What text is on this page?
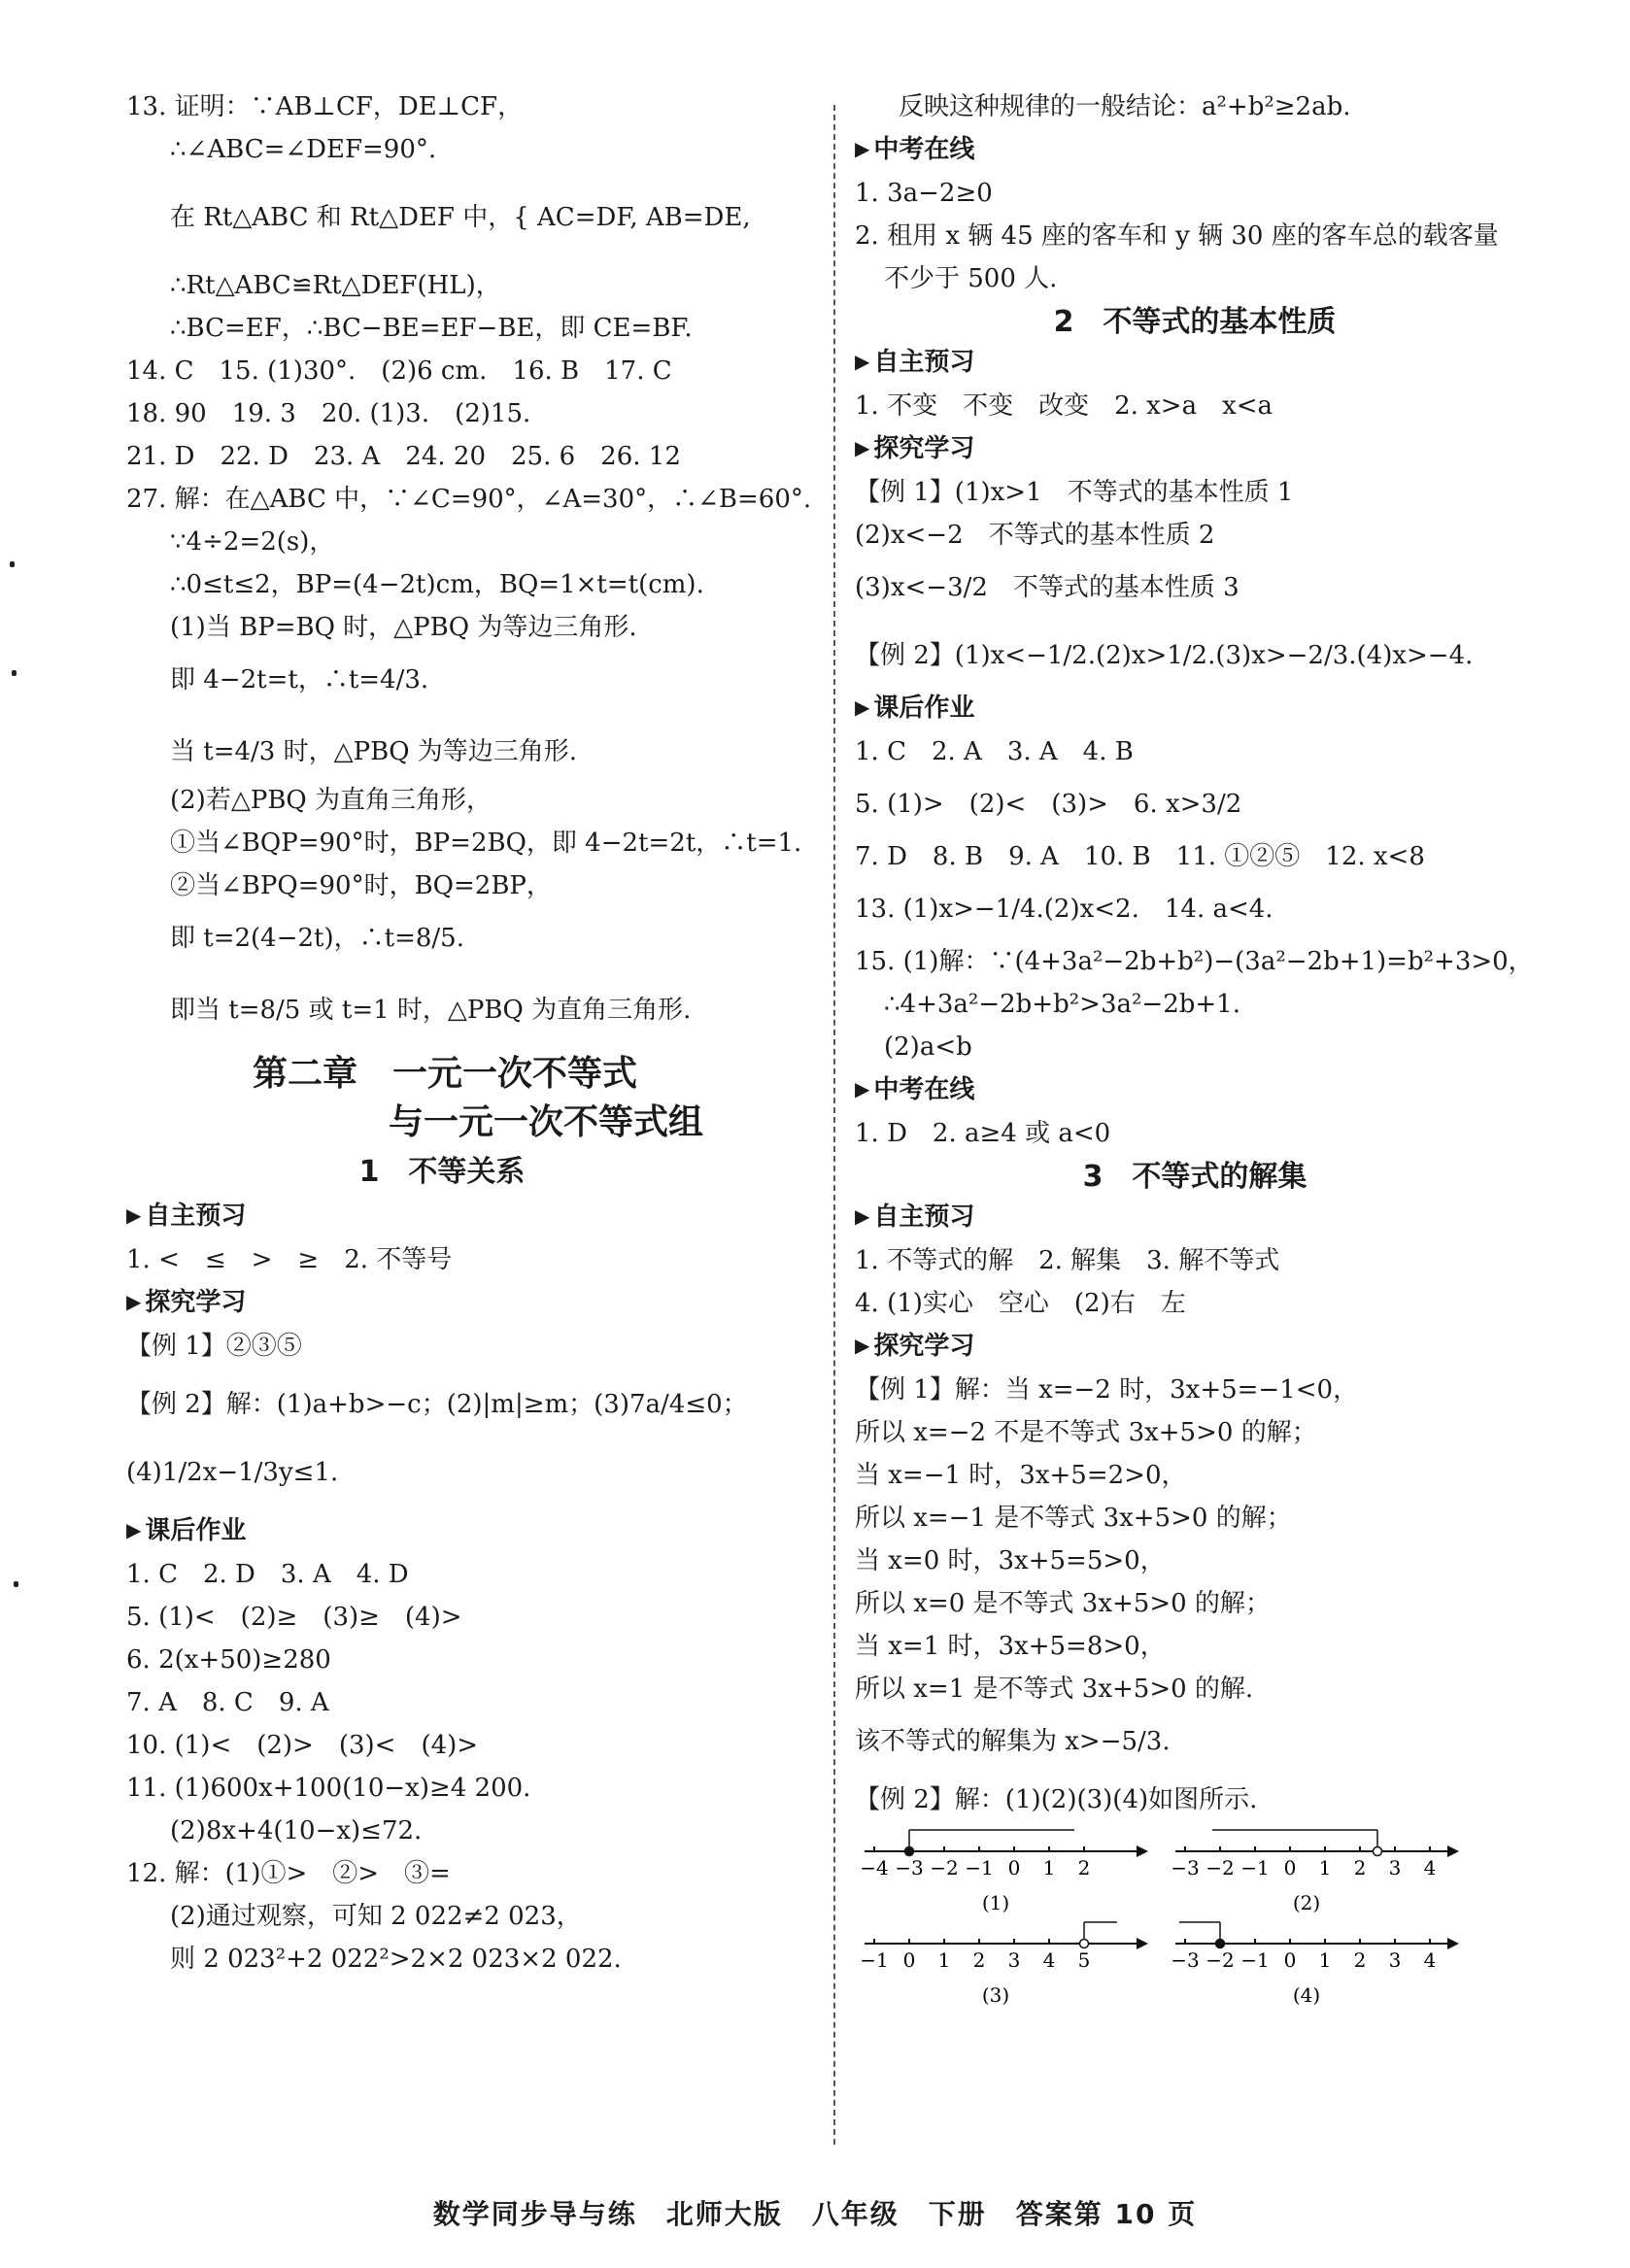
13. 证明：∵AB⊥CF，DE⊥CF，
∴∠ABC=∠DEF=90°.
在 Rt△ABC 和 Rt△DEF 中，{ AC=DF, AB=DE,
∴Rt△ABC≌Rt△DEF(HL)，
∴BC=EF，∴BC−BE=EF−BE，即 CE=BF.
14. C　15. (1)30°.　(2)6 cm.　16. B　17. C
18. 90　19. 3　20. (1)3.　(2)15.
21. D　22. D　23. A　24. 20　25. 6　26. 12
27. 解：在△ABC 中，∵∠C=90°，∠A=30°，∴∠B=60°.
∵4÷2=2(s)，
∴0≤t≤2，BP=(4−2t)cm，BQ=1×t=t(cm).
(1)当 BP=BQ 时，△PBQ 为等边三角形.
即 4−2t=t，∴t=4/3.
当 t=4/3 时，△PBQ 为等边三角形.
(2)若△PBQ 为直角三角形，
①当∠BQP=90°时，BP=2BQ，即 4−2t=2t，∴t=1.
②当∠BPQ=90°时，BQ=2BP，
即 t=2(4−2t)，∴t=8/5.
即当 t=8/5 或 t=1 时，△PBQ 为直角三角形.
第二章　一元一次不等式
与一元一次不等式组
1　不等关系
▶ 自主预习
1. <　≤　>　≥　2. 不等号
▶ 探究学习
【例 1】②③⑤
【例 2】解：(1)a+b>−c；(2)|m|≥m；(3)7a/4≤0；
(4)1/2x−1/3y≤1.
▶ 课后作业
1. C　2. D　3. A　4. D
5. (1)<　(2)≥　(3)≥　(4)>
6. 2(x+50)≥280
7. A　8. C　9. A
10. (1)<　(2)>　(3)<　(4)>
11. (1)600x+100(10−x)≥4 200.
(2)8x+4(10−x)≤72.
12. 解：(1)①>　②>　③=
(2)通过观察，可知 2 022≠2 023，
则 2 023²+2 022²>2×2 023×2 022.
反映这种规律的一般结论：a²+b²≥2ab.
▶ 中考在线
1. 3a−2≥0
2. 租用 x 辆 45 座的客车和 y 辆 30 座的客车总的载客量
不少于 500 人.
2　不等式的基本性质
▶ 自主预习
1. 不变　不变　改变　2. x>a　x<a
▶ 探究学习
【例 1】(1)x>1　不等式的基本性质 1
(2)x<−2　不等式的基本性质 2
(3)x<−3/2　不等式的基本性质 3
【例 2】(1)x<−1/2.(2)x>1/2.(3)x>−2/3.(4)x>−4.
▶ 课后作业
1. C　2. A　3. A　4. B
5. (1)>　(2)<　(3)>　6. x>3/2
7. D　8. B　9. A　10. B　11. ①②⑤　12. x<8
13. (1)x>−1/4.(2)x<2.　14. a<4.
15. (1)解：∵(4+3a²−2b+b²)−(3a²−2b+1)=b²+3>0，
∴4+3a²−2b+b²>3a²−2b+1.
(2)a<b
▶ 中考在线
1. D　2. a≥4 或 a<0
3　不等式的解集
▶ 自主预习
1. 不等式的解　2. 解集　3. 解不等式
4. (1)实心　空心　(2)右　左
▶ 探究学习
【例 1】解：当 x=−2 时，3x+5=−1<0，
所以 x=−2 不是不等式 3x+5>0 的解；
当 x=−1 时，3x+5=2>0，
所以 x=−1 是不等式 3x+5>0 的解；
当 x=0 时，3x+5=5>0，
所以 x=0 是不等式 3x+5>0 的解；
当 x=1 时，3x+5=8>0，
所以 x=1 是不等式 3x+5>0 的解.
该不等式的解集为 x>−5/3.
【例 2】解：(1)(2)(3)(4)如图所示.
−4 −3 −2 −1 0 1 2
(1)
−3 −2 −1 0 1 2 3 4
(2)
−1 0 1 2 3 4 5
(3)
−3 −2 −1 0 1 2 3 4
(4)
数学同步导与练　北师大版　八年级　下册　答案第 10 页
